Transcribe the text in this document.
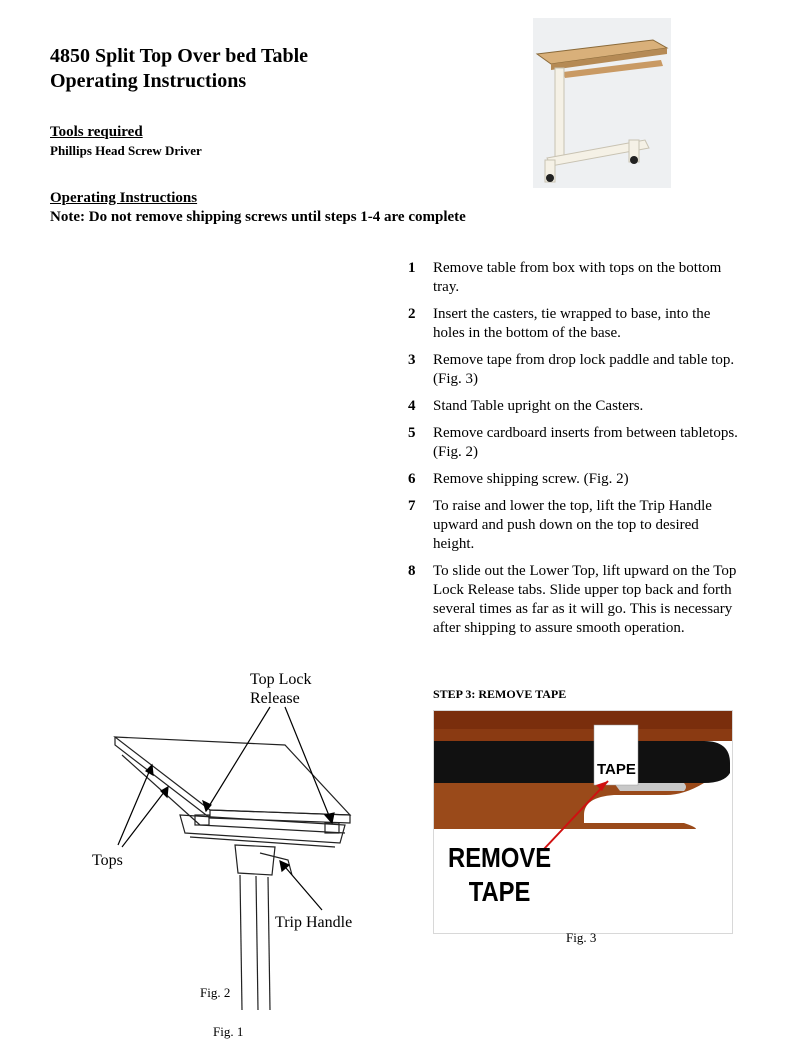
4850 Split Top Over bed Table
Operating Instructions
Tools required
Phillips Head Screw Driver
Operating Instructions
Note: Do not remove shipping screws until steps 1-4 are complete
1	Remove table from box with tops on the bottom tray.
2	Insert the casters, tie wrapped to base, into the holes in the bottom of the base.
3	Remove tape from drop lock paddle and table top. (Fig. 3)
4	Stand Table upright on the Casters.
5	Remove cardboard inserts from between tabletops. (Fig. 2)
6	Remove shipping screw. (Fig. 2)
7	To raise and lower the top, lift the Trip Handle upward and push down on the top to desired height.
8	To slide out the Lower Top, lift upward on the Top Lock Release tabs. Slide upper top back and forth several times as far as it will go. This is necessary after shipping to assure smooth operation.
Top Lock
Release
Tops
Trip Handle
Fig. 2
Fig. 1
STEP 3: REMOVE TAPE
TAPE
REMOVE
TAPE
Fig. 3
